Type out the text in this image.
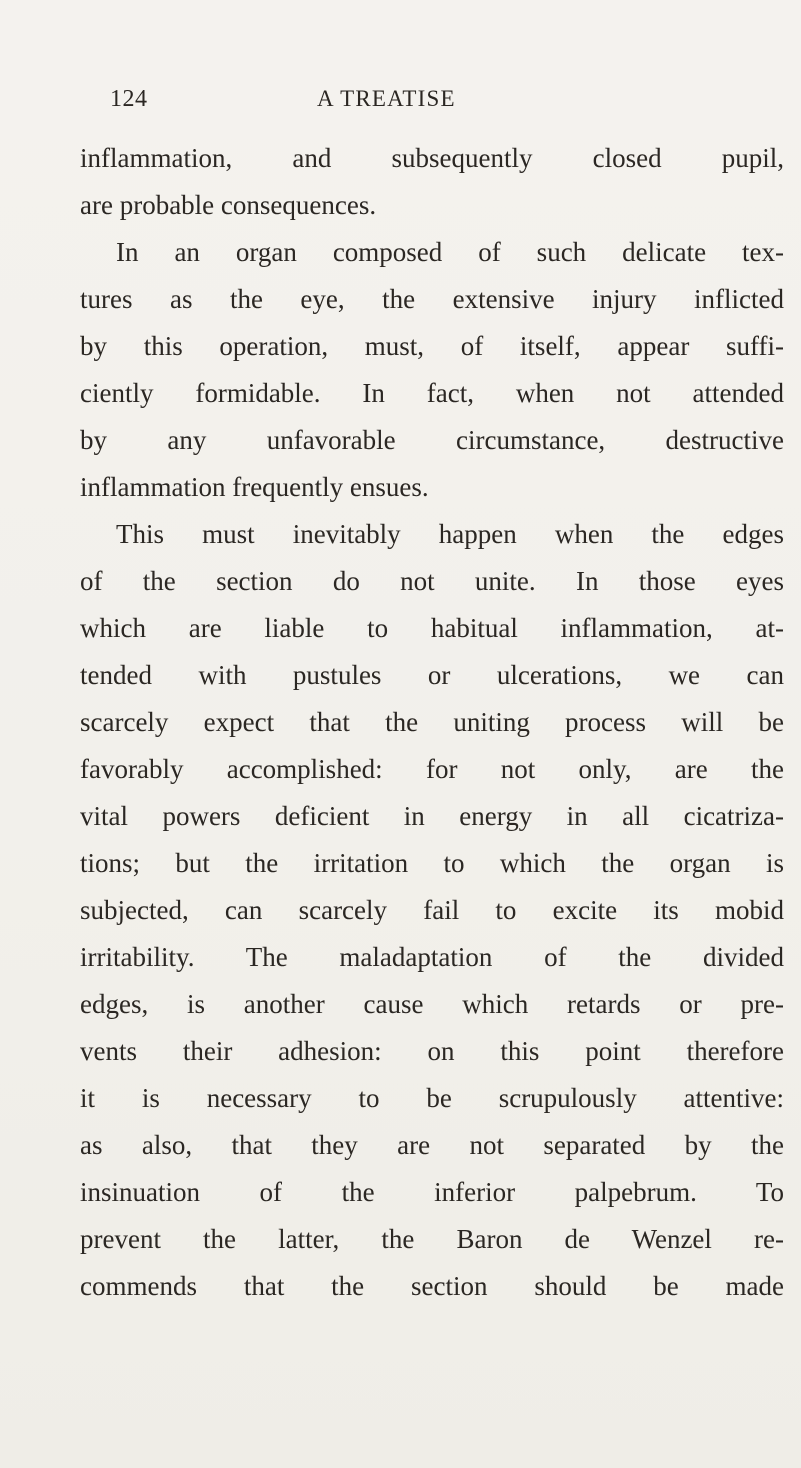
124	A TREATISE
inflammation, and subsequently closed pupil,
are probable consequences.
In an organ composed of such delicate tex-
tures as the eye, the extensive injury inflicted
by this operation, must, of itself, appear suffi-
ciently formidable. In fact, when not attended
by any unfavorable circumstance, destructive
inflammation frequently ensues.
This must inevitably happen when the edges
of the section do not unite. In those eyes
which are liable to habitual inflammation, at-
tended with pustules or ulcerations, we can
scarcely expect that the uniting process will be
favorably accomplished: for not only, are the
vital powers deficient in energy in all cicatriza-
tions; but the irritation to which the organ is
subjected, can scarcely fail to excite its mobid
irritability. The maladaptation of the divided
edges, is another cause which retards or pre-
vents their adhesion: on this point therefore
it is necessary to be scrupulously attentive:
as also, that they are not separated by the
insinuation of the inferior palpebrum. To
prevent the latter, the Baron de Wenzel re-
commends that the section should be made
